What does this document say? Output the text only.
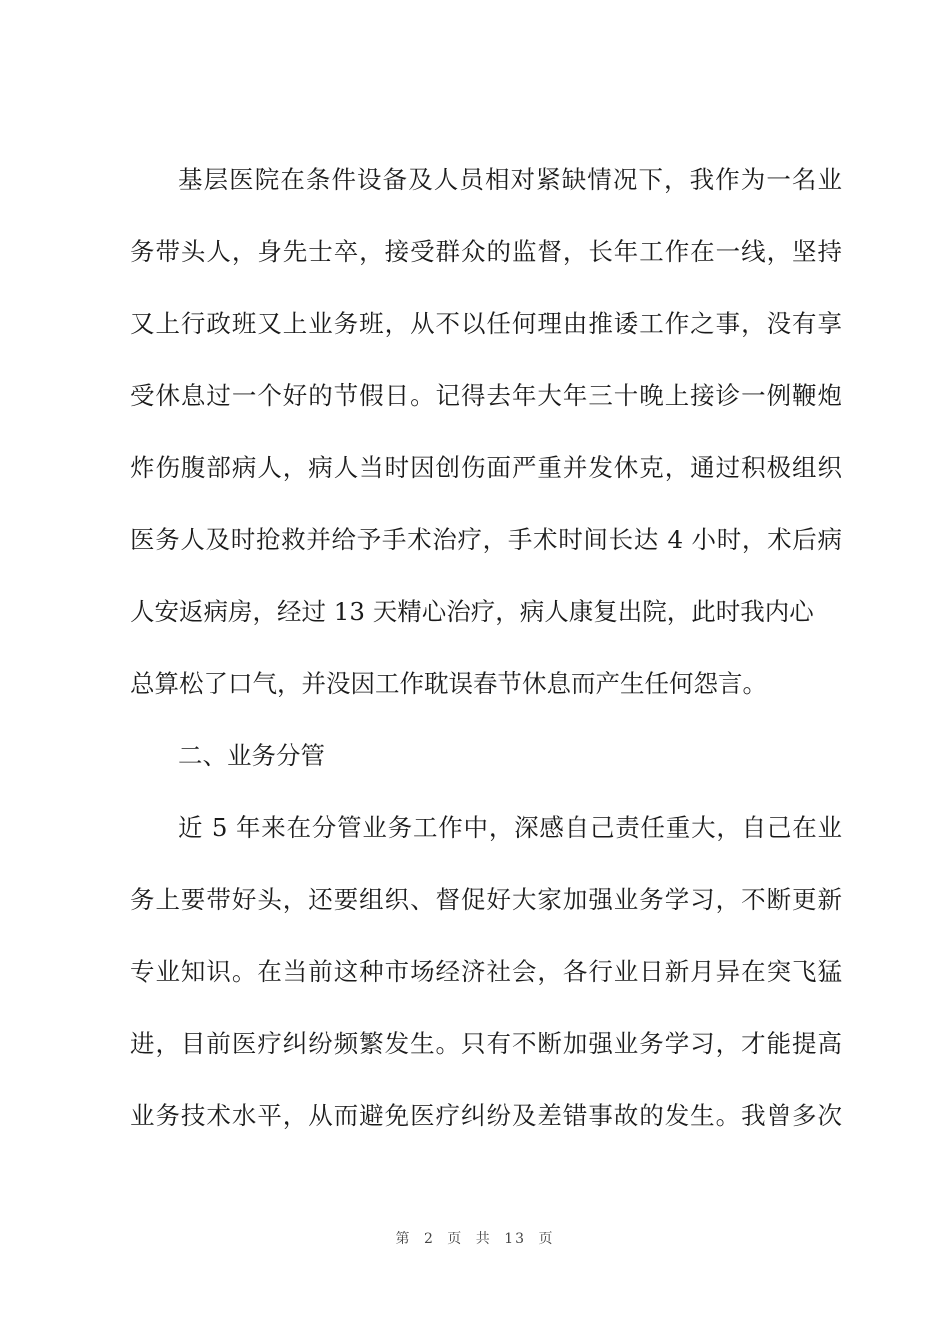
基层医院在条件设备及人员相对紧缺情况下，我作为一名业
务带头人，身先士卒，接受群众的监督，长年工作在一线，坚持
又上行政班又上业务班，从不以任何理由推诿工作之事，没有享
受休息过一个好的节假日。记得去年大年三十晚上接诊一例鞭炮
炸伤腹部病人，病人当时因创伤面严重并发休克，通过积极组织
医务人及时抢救并给予手术治疗，手术时间长达 4 小时，术后病
人安返病房，经过 13 天精心治疗，病人康复出院，此时我内心
总算松了口气，并没因工作耽误春节休息而产生任何怨言。
二、业务分管
近 5 年来在分管业务工作中，深感自己责任重大，自己在业
务上要带好头，还要组织、督促好大家加强业务学习，不断更新
专业知识。在当前这种市场经济社会，各行业日新月异在突飞猛
进，目前医疗纠纷频繁发生。只有不断加强业务学习，才能提高
业务技术水平，从而避免医疗纠纷及差错事故的发生。我曾多次
第 2 页 共 13 页
